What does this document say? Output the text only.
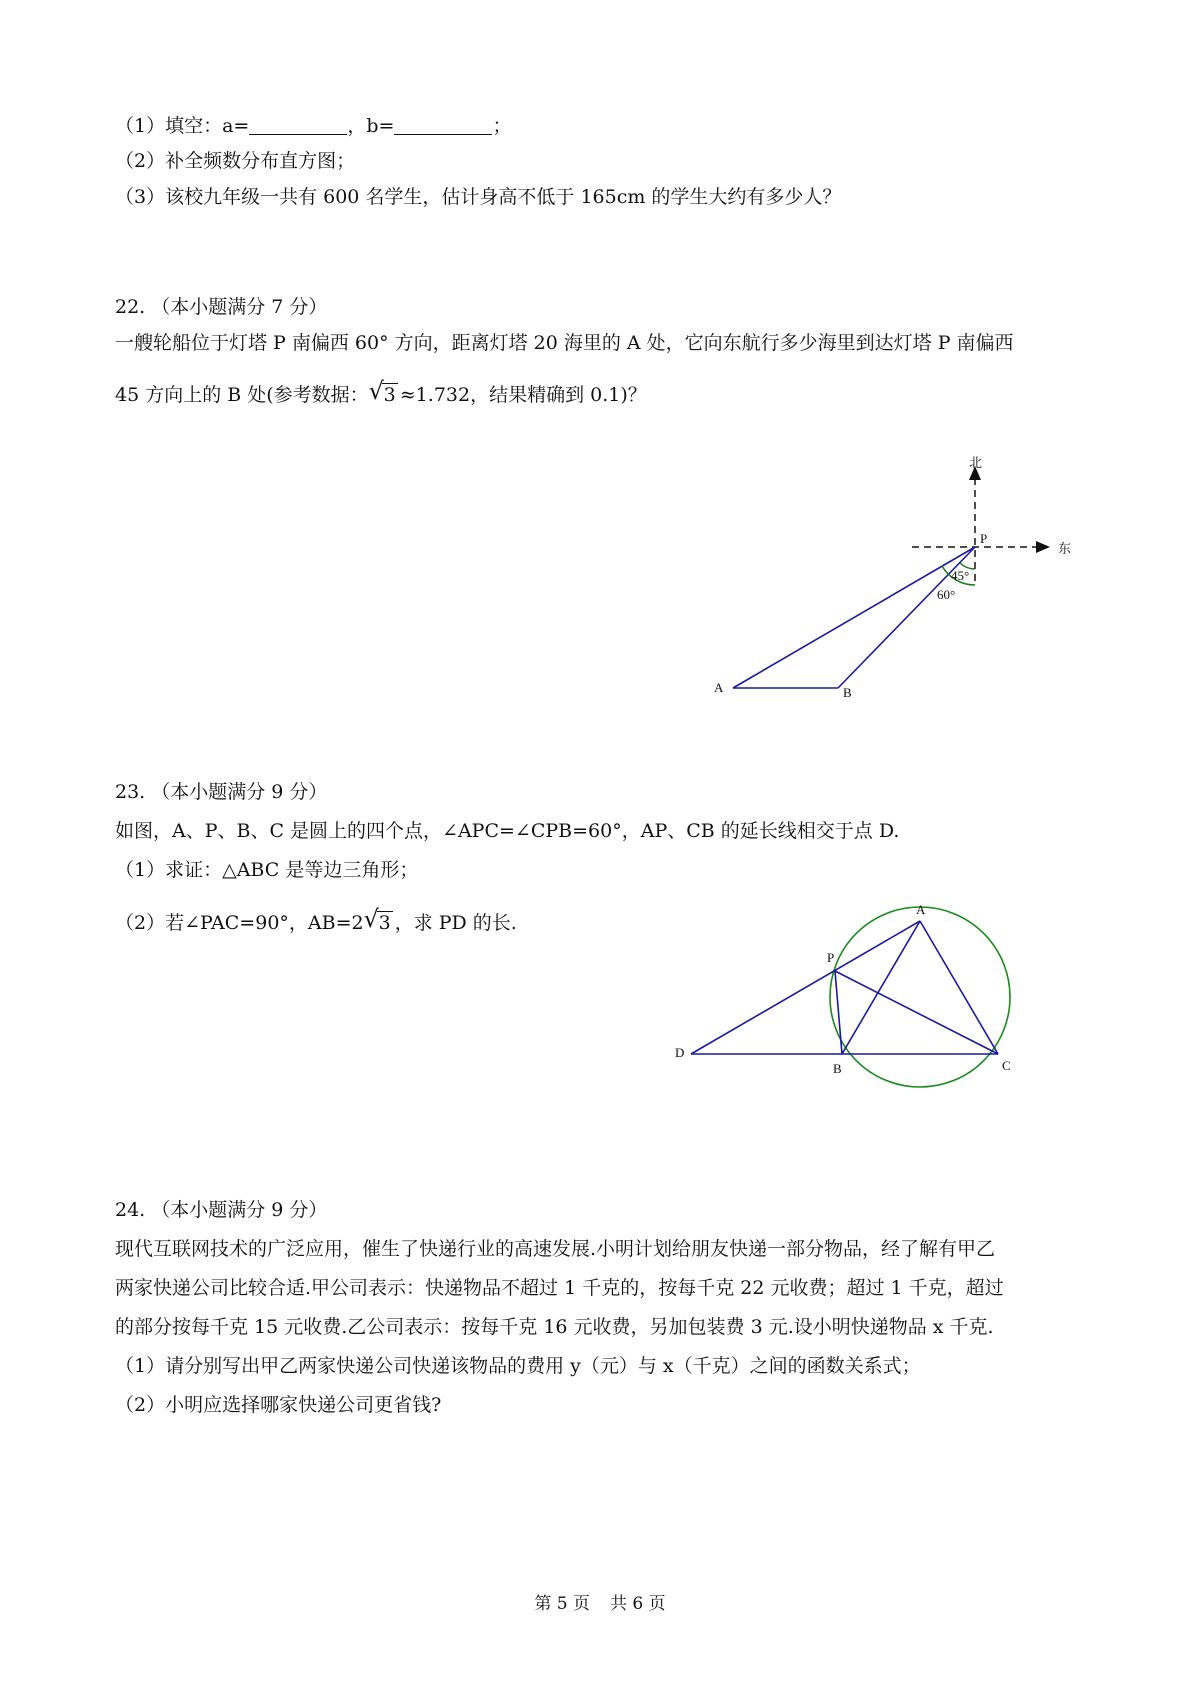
（1）填空：a=	，b=	；
（2）补全频数分布直方图；
（3）该校九年级一共有 600 名学生，估计身高不低于 165cm 的学生大约有多少人？
22. （本小题满分 7 分）
一艘轮船位于灯塔 P 南偏西 60° 方向，距离灯塔 20 海里的 A 处，它向东航行多少海里到达灯塔 P 南偏西
45 方向上的 B 处(参考数据： √ 3 ≈1.732，结果精确到 0.1)？
北
东
P
45°
60°
A	B
23. （本小题满分 9 分）
如图，A、P、B、C 是圆上的四个点，∠APC=∠CPB=60°，AP、CB 的延长线相交于点 D.
（1）求证：△ABC 是等边三角形；
（2）若∠PAC=90°，AB=2 √ 3 ，求 PD 的长.
A
P
D
B	C
24. （本小题满分 9 分）
现代互联网技术的广泛应用，催生了快递行业的高速发展.小明计划给朋友快递一部分物品，经了解有甲乙
两家快递公司比较合适.甲公司表示：快递物品不超过 1 千克的，按每千克 22 元收费；超过 1 千克，超过
的部分按每千克 15 元收费.乙公司表示：按每千克 16 元收费，另加包装费 3 元.设小明快递物品 x 千克.
（1）请分别写出甲乙两家快递公司快递该物品的费用 y（元）与 x（千克）之间的函数关系式；
（2）小明应选择哪家快递公司更省钱?
第 5 页 共 6 页
